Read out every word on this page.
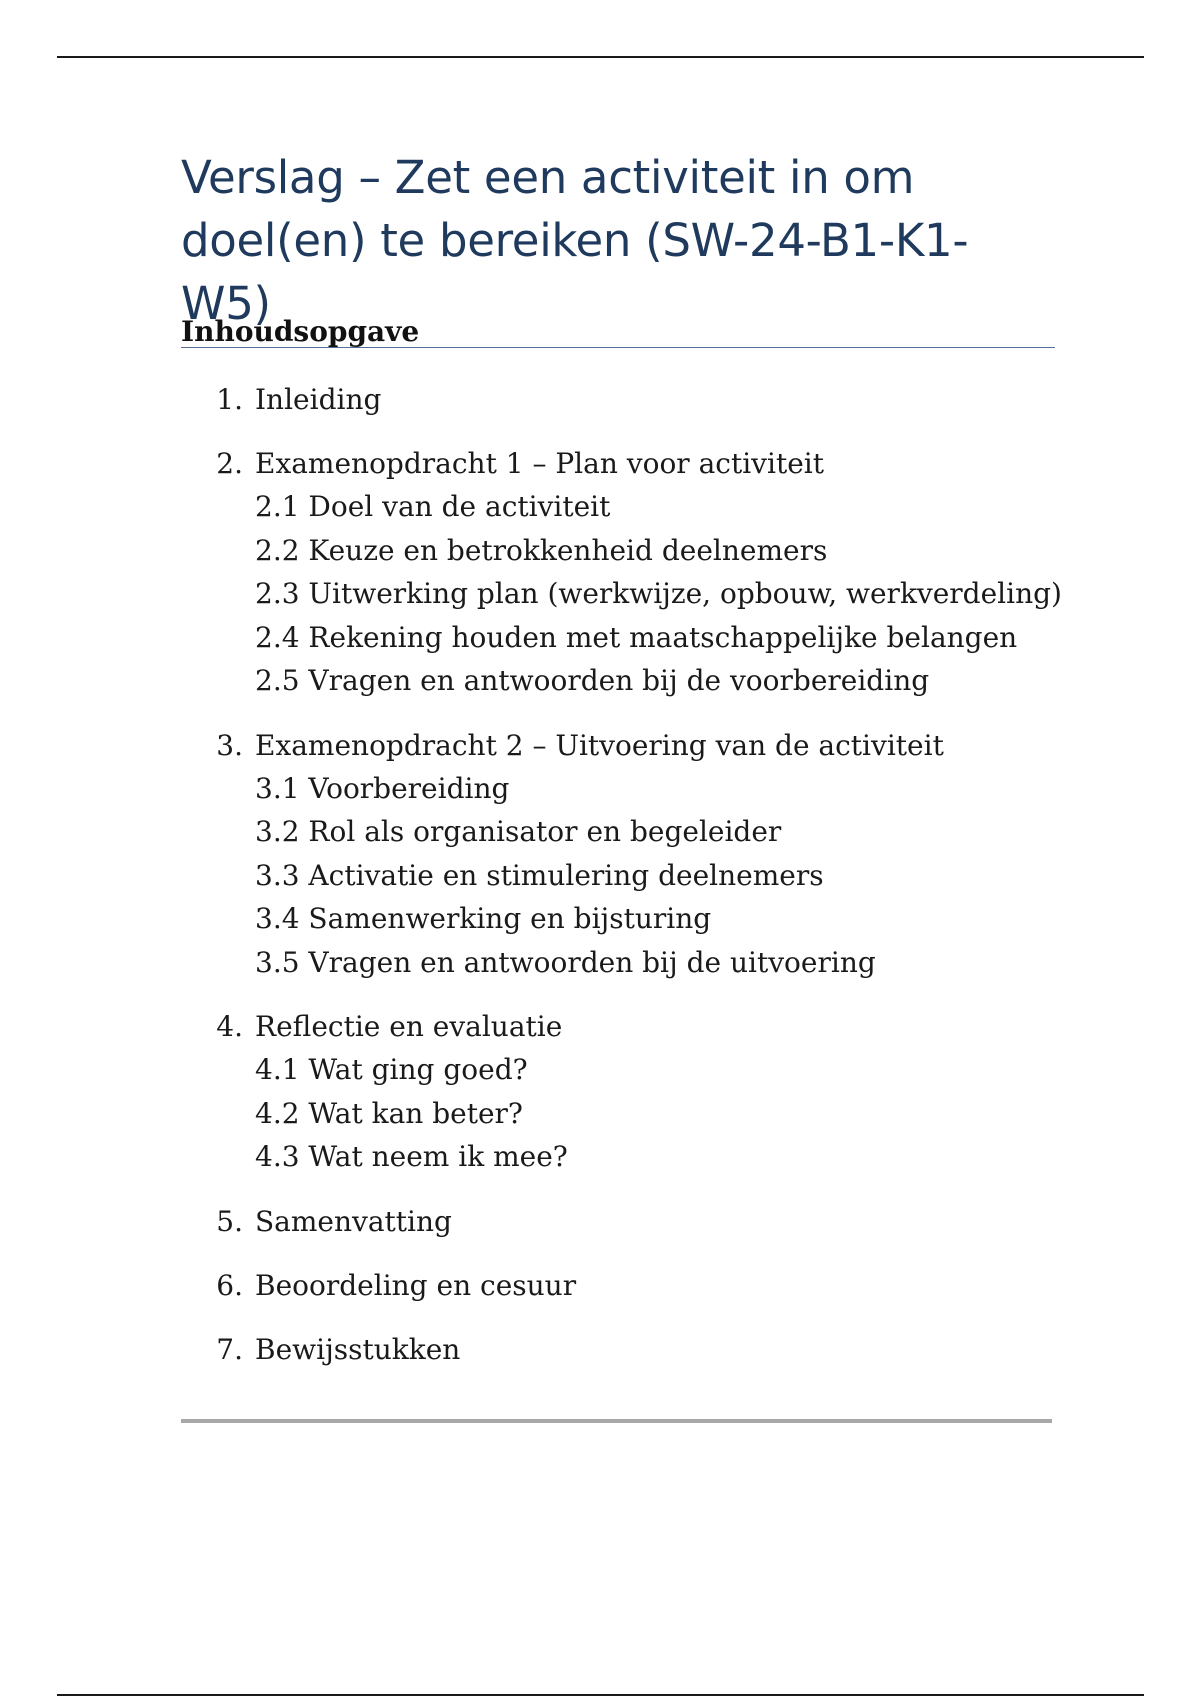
Verslag – Zet een activiteit in om doel(en) te bereiken (SW-24-B1-K1-W5)
Inhoudsopgave
1. Inleiding
2. Examenopdracht 1 – Plan voor activiteit
2.1 Doel van de activiteit
2.2 Keuze en betrokkenheid deelnemers
2.3 Uitwerking plan (werkwijze, opbouw, werkverdeling)
2.4 Rekening houden met maatschappelijke belangen
2.5 Vragen en antwoorden bij de voorbereiding
3. Examenopdracht 2 – Uitvoering van de activiteit
3.1 Voorbereiding
3.2 Rol als organisator en begeleider
3.3 Activatie en stimulering deelnemers
3.4 Samenwerking en bijsturing
3.5 Vragen en antwoorden bij de uitvoering
4. Reflectie en evaluatie
4.1 Wat ging goed?
4.2 Wat kan beter?
4.3 Wat neem ik mee?
5. Samenvatting
6. Beoordeling en cesuur
7. Bewijsstukken
